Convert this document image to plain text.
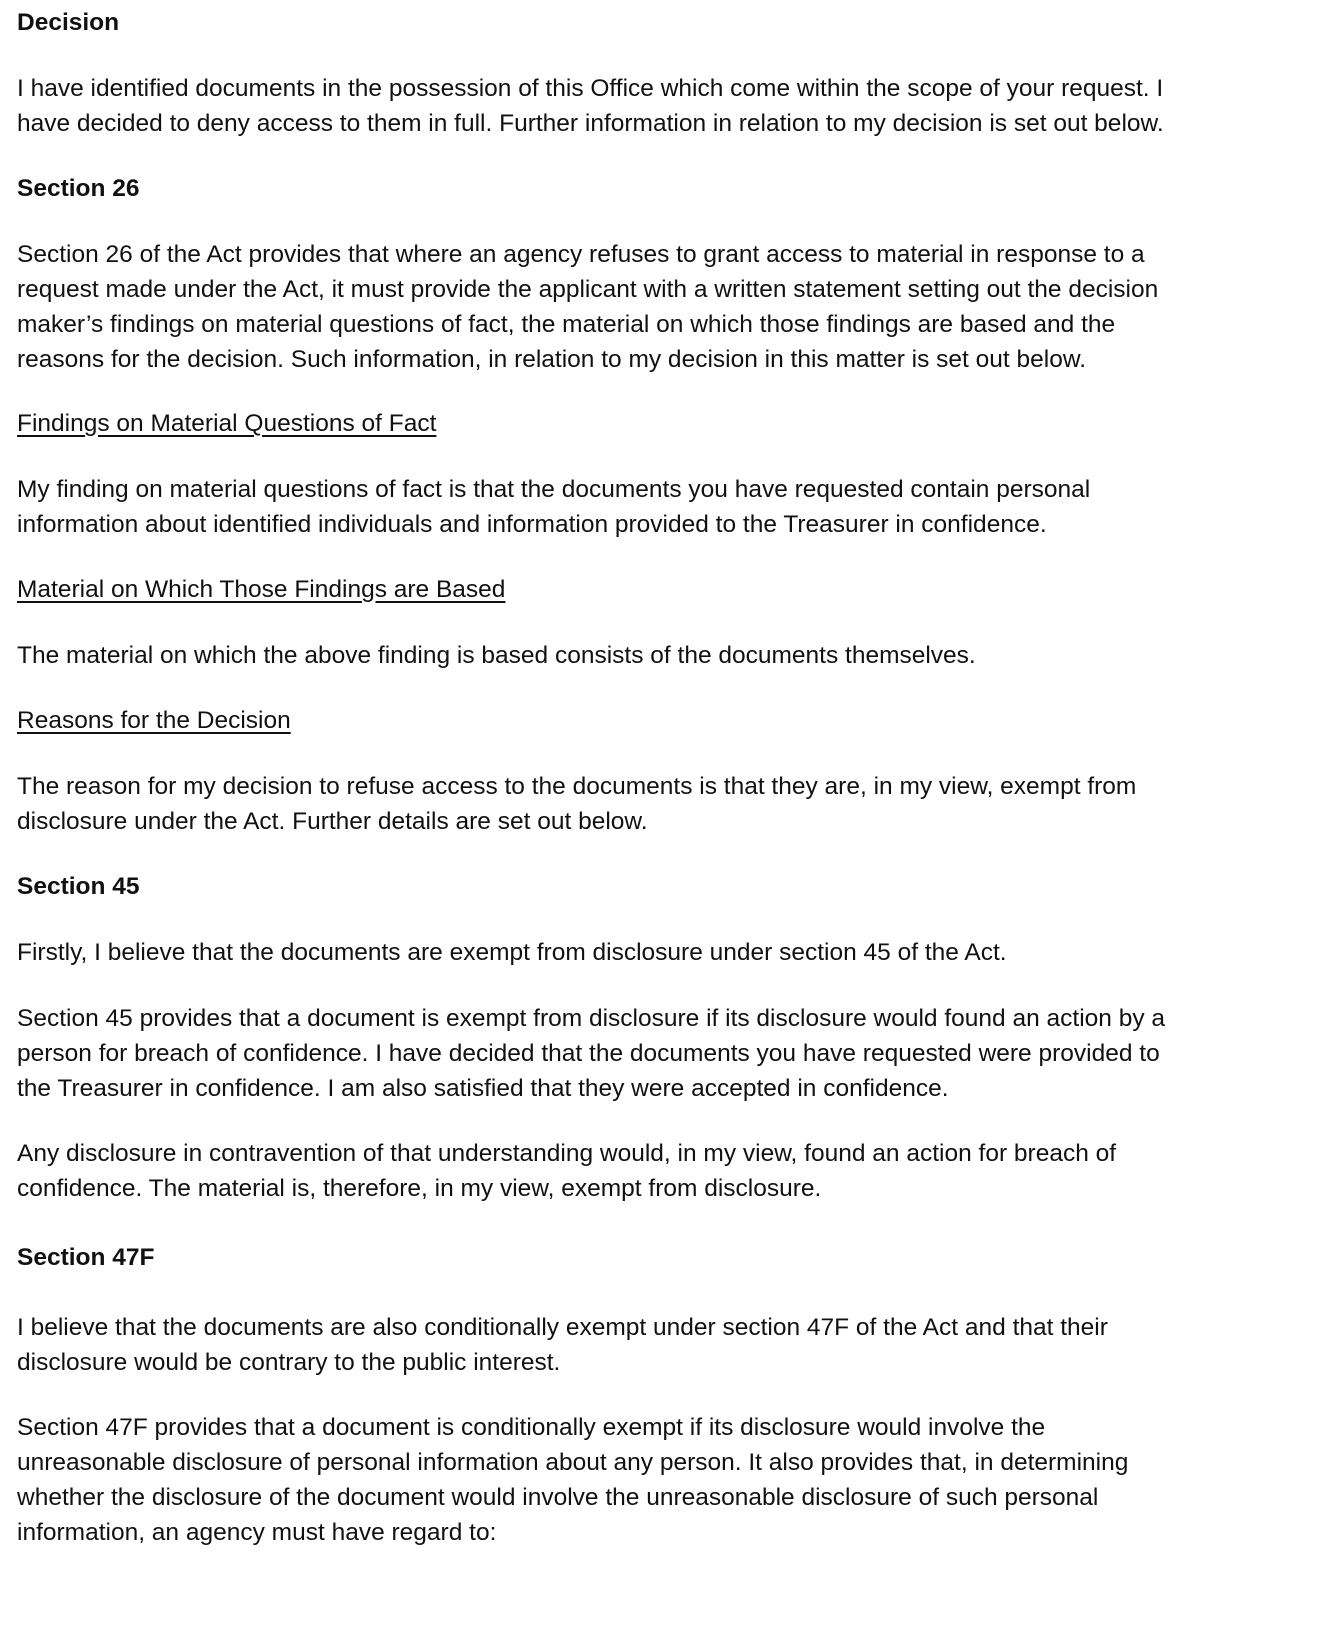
Decision

I have identified documents in the possession of this Office which come within the scope of your request. I
have decided to deny access to them in full. Further information in relation to my decision is set out below.

Section 26

Section 26 of the Act provides that where an agency refuses to grant access to material in response to a
request made under the Act, it must provide the applicant with a written statement setting out the decision
maker’s findings on material questions of fact, the material on which those findings are based and the
reasons for the decision. Such information, in relation to my decision in this matter is set out below.

Findings on Material Questions of Fact

My finding on material questions of fact is that the documents you have requested contain personal
information about identified individuals and information provided to the Treasurer in confidence.

Material on Which Those Findings are Based

The material on which the above finding is based consists of the documents themselves.

Reasons for the Decision

The reason for my decision to refuse access to the documents is that they are, in my view, exempt from
disclosure under the Act. Further details are set out below.

Section 45

Firstly, I believe that the documents are exempt from disclosure under section 45 of the Act.

Section 45 provides that a document is exempt from disclosure if its disclosure would found an action by a
person for breach of confidence. I have decided that the documents you have requested were provided to
the Treasurer in confidence. I am also satisfied that they were accepted in confidence.

Any disclosure in contravention of that understanding would, in my view, found an action for breach of
confidence. The material is, therefore, in my view, exempt from disclosure.

Section 47F

I believe that the documents are also conditionally exempt under section 47F of the Act and that their
disclosure would be contrary to the public interest.

Section 47F provides that a document is conditionally exempt if its disclosure would involve the
unreasonable disclosure of personal information about any person. It also provides that, in determining
whether the disclosure of the document would involve the unreasonable disclosure of such personal
information, an agency must have regard to:
